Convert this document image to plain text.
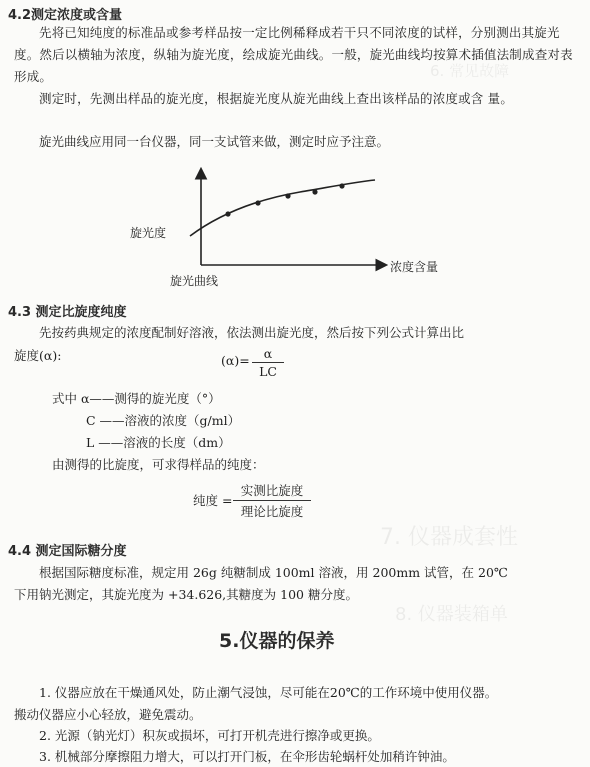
6. 常见故障
7. 仪器成套性
8. 仪器装箱单
4.2测定浓度或含量
先将已知纯度的标准品或参考样品按一定比例稀释成若干只不同浓度的试样，分别测出其旋光度。然后以横轴为浓度，纵轴为旋光度，绘成旋光曲线。一般，旋光曲线均按算术插值法制成查对表形成。
测定时，先测出样品的旋光度，根据旋光度从旋光曲线上查出该样品的浓度或含 量。
旋光曲线应用同一台仪器，同一支试管来做，测定时应予注意。
旋光度
浓度含量
旋光曲线
4.3 测定比旋度纯度
先按药典规定的浓度配制好溶液，依法测出旋光度，然后按下列公式计算出比
旋度(α):	$(\alpha)= \frac{\alpha}{LC}$
式中 α——测得的旋光度（°）
C ——溶液的浓度（g/ml）
L ——溶液的长度（dm）
由测得的比旋度，可求得样品的纯度：
纯度 =
实测比旋度
理论比旋度
4.4 测定国际糖分度
根据国际糖度标准，规定用 26g 纯糖制成 100ml 溶液，用 200mm 试管，在 20℃
下用钠光测定，其旋光度为 +34.626,其糖度为 100 糖分度。
5.仪器的保养
1. 仪器应放在干燥通风处，防止潮气浸蚀，尽可能在20℃的工作环境中使用仪器。
搬动仪器应小心轻放，避免震动。
2. 光源（钠光灯）积灰或损坏，可打开机壳进行擦净或更换。
3. 机械部分摩擦阻力增大，可以打开门板，在伞形齿轮蜗杆处加稍许钟油。
